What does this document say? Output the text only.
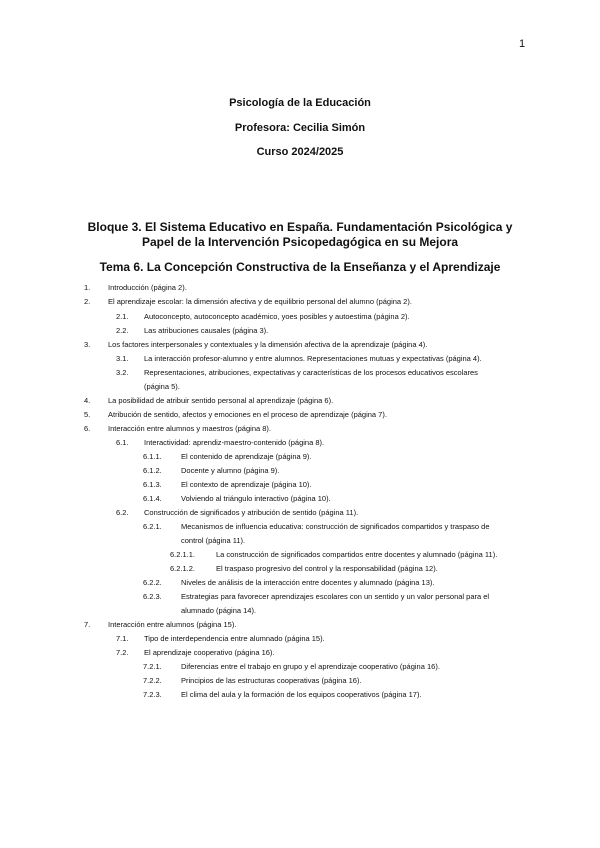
1
Psicología de la Educación
Profesora: Cecilia Simón
Curso 2024/2025
Bloque 3. El Sistema Educativo en España. Fundamentación Psicológica y
Papel de la Intervención Psicopedagógica en su Mejora
Tema 6. La Concepción Constructiva de la Enseñanza y el Aprendizaje
1. Introducción (página 2).
2. El aprendizaje escolar: la dimensión afectiva y de equilibrio personal del alumno (página 2).
2.1. Autoconcepto, autoconcepto académico, yoes posibles y autoestima (página 2).
2.2. Las atribuciones causales (página 3).
3. Los factores interpersonales y contextuales y la dimensión afectiva de la aprendizaje (página 4).
3.1. La interacción profesor-alumno y entre alumnos. Representaciones mutuas y expectativas (página 4).
3.2. Representaciones, atribuciones, expectativas y características de los procesos educativos escolares
(página 5).
4. La posibilidad de atribuir sentido personal al aprendizaje (página 6).
5. Atribución de sentido, afectos y emociones en el proceso de aprendizaje (página 7).
6. Interacción entre alumnos y maestros (página 8).
6.1. Interactividad: aprendiz-maestro-contenido (página 8).
6.1.1.	El contenido de aprendizaje (página 9).
6.1.2.	Docente y alumno (página 9).
6.1.3.	El contexto de aprendizaje (página 10).
6.1.4.	Volviendo al triángulo interactivo (página 10).
6.2. Construcción de significados y atribución de sentido (página 11).
6.2.1.	Mecanismos de influencia educativa: construcción de significados compartidos y traspaso de
control (página 11).
6.2.1.1.	La construcción de significados compartidos entre docentes y alumnado (página 11).
6.2.1.2.	El traspaso progresivo del control y la responsabilidad (página 12).
6.2.2.	Niveles de análisis de la interacción entre docentes y alumnado (página 13).
6.2.3.	Estrategias para favorecer aprendizajes escolares con un sentido y un valor personal para el
alumnado (página 14).
7. Interacción entre alumnos (página 15).
7.1. Tipo de interdependencia entre alumnado (página 15).
7.2. El aprendizaje cooperativo (página 16).
7.2.1.	Diferencias entre el trabajo en grupo y el aprendizaje cooperativo (página 16).
7.2.2.	Principios de las estructuras cooperativas (página 16).
7.2.3.	El clima del aula y la formación de los equipos cooperativos (página 17).
